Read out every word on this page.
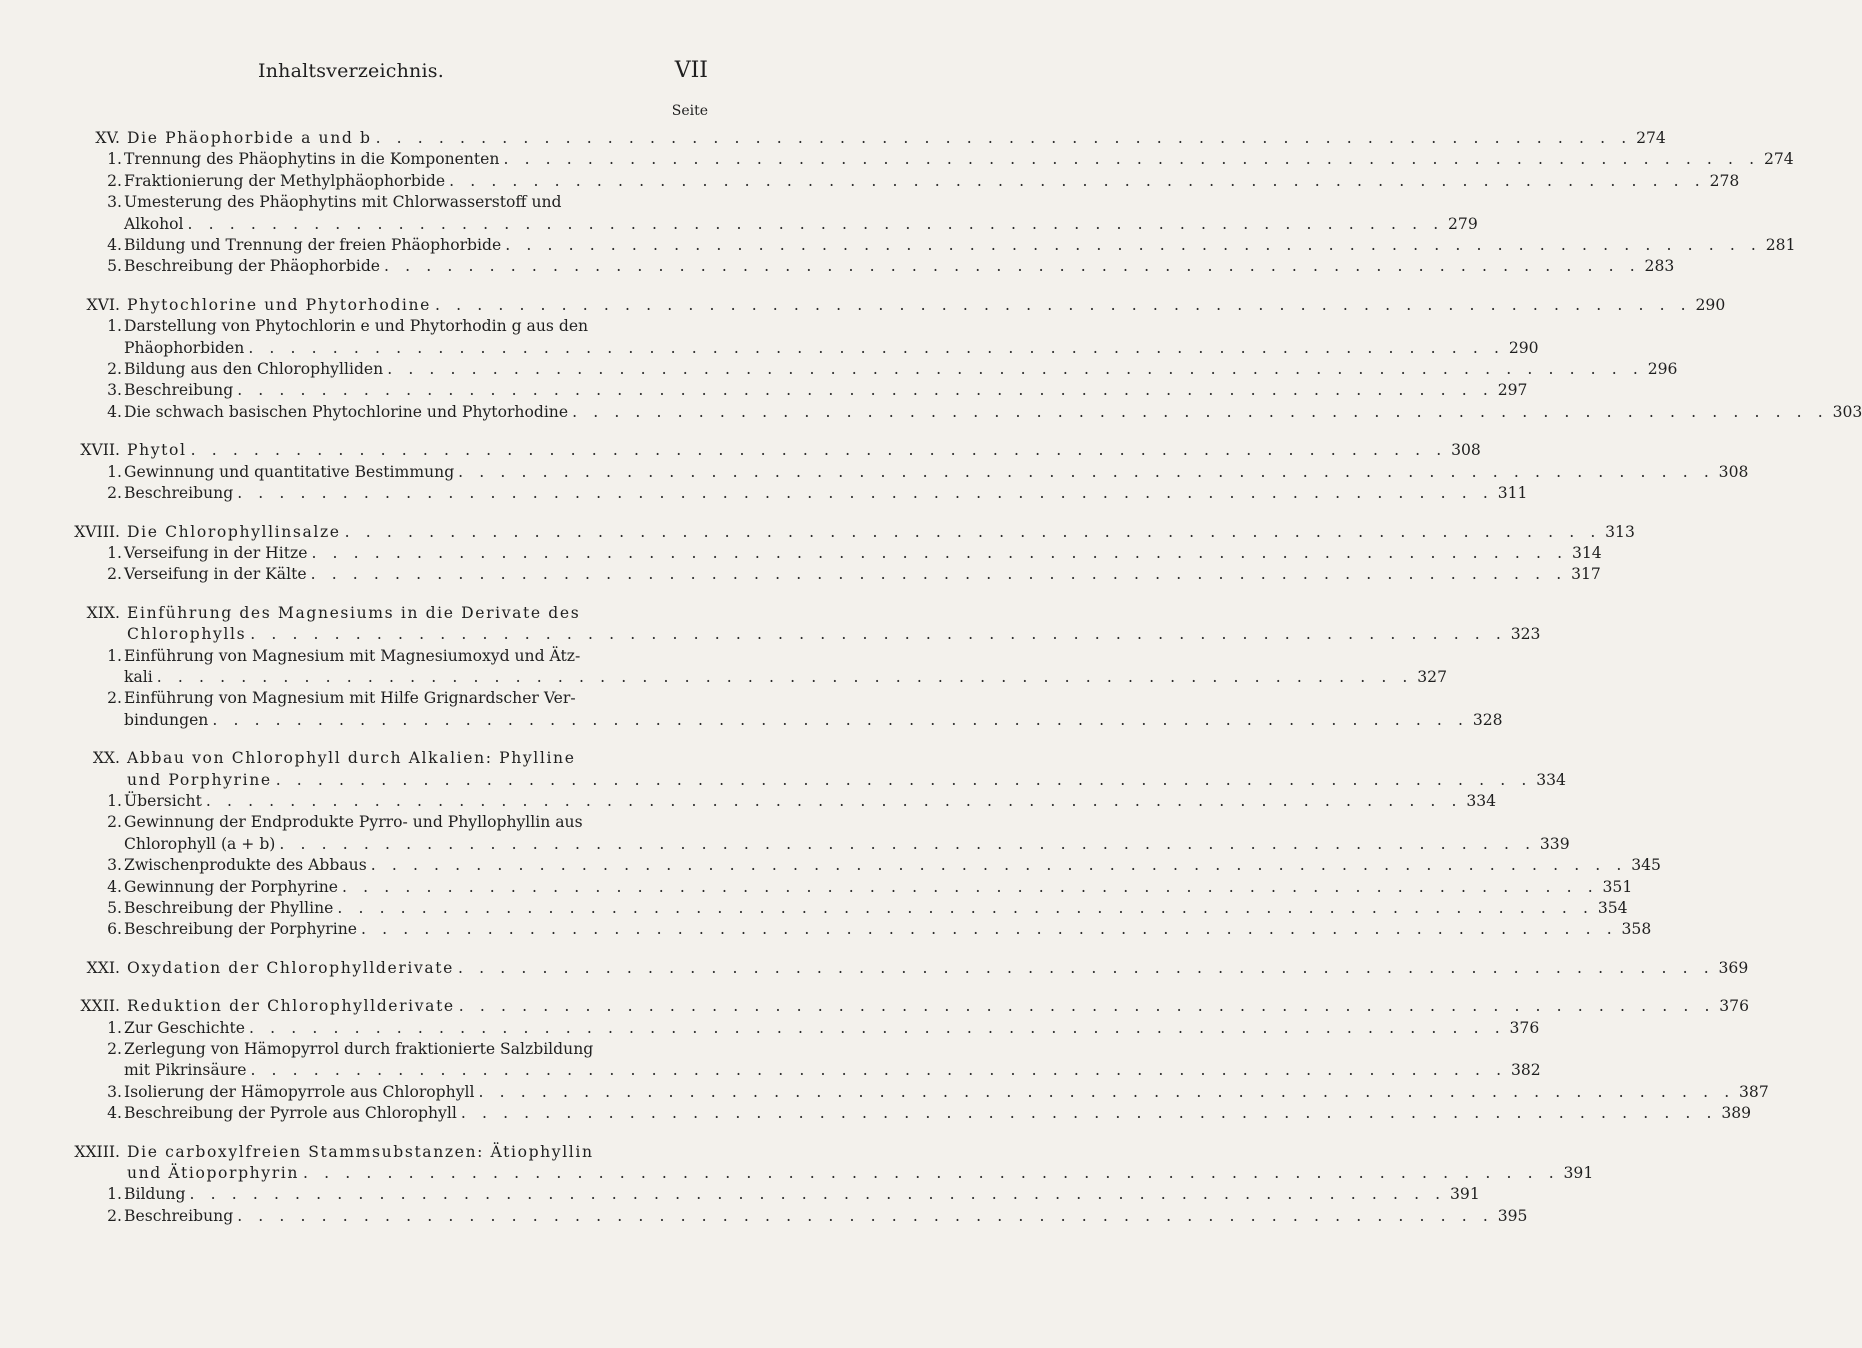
Inhaltsverzeichnis.	VII
Seite
XV. Die Phäophorbide a und b . . . . . . . . . . . . . . . . . . . . . . . . . . . . . . . . . . . . . . . . . . . . . . . . . . . . . . . . . . . . 274
1. Trennung des Phäophytins in die Komponenten . . . . . . . . . . . . . . . . . . . . . . . . . . . . . . . . . . . . . . . . . . . . . . . . . . . . . . . . . . . . 274
2. Fraktionierung der Methylphäophorbide . . . . . . . . . . . . . . . . . . . . . . . . . . . . . . . . . . . . . . . . . . . . . . . . . . . . . . . . . . . . 278
3. Umesterung des Phäophytins mit Chlorwasserstoff und
Alkohol . . . . . . . . . . . . . . . . . . . . . . . . . . . . . . . . . . . . . . . . . . . . . . . . . . . . . . . . . . . . 279
4. Bildung und Trennung der freien Phäophorbide . . . . . . . . . . . . . . . . . . . . . . . . . . . . . . . . . . . . . . . . . . . . . . . . . . . . . . . . . . . . 281
5. Beschreibung der Phäophorbide . . . . . . . . . . . . . . . . . . . . . . . . . . . . . . . . . . . . . . . . . . . . . . . . . . . . . . . . . . . . 283
XVI. Phytochlorine und Phytorhodine . . . . . . . . . . . . . . . . . . . . . . . . . . . . . . . . . . . . . . . . . . . . . . . . . . . . . . . . . . . . 290
1. Darstellung von Phytochlorin e und Phytorhodin g aus den
Phäophorbiden . . . . . . . . . . . . . . . . . . . . . . . . . . . . . . . . . . . . . . . . . . . . . . . . . . . . . . . . . . . . 290
2. Bildung aus den Chlorophylliden . . . . . . . . . . . . . . . . . . . . . . . . . . . . . . . . . . . . . . . . . . . . . . . . . . . . . . . . . . . . 296
3. Beschreibung . . . . . . . . . . . . . . . . . . . . . . . . . . . . . . . . . . . . . . . . . . . . . . . . . . . . . . . . . . . . 297
4. Die schwach basischen Phytochlorine und Phytorhodine . . . . . . . . . . . . . . . . . . . . . . . . . . . . . . . . . . . . . . . . . . . . . . . . . . . . . . . . . . . . 303
XVII. Phytol . . . . . . . . . . . . . . . . . . . . . . . . . . . . . . . . . . . . . . . . . . . . . . . . . . . . . . . . . . . . 308
1. Gewinnung und quantitative Bestimmung . . . . . . . . . . . . . . . . . . . . . . . . . . . . . . . . . . . . . . . . . . . . . . . . . . . . . . . . . . . . 308
2. Beschreibung . . . . . . . . . . . . . . . . . . . . . . . . . . . . . . . . . . . . . . . . . . . . . . . . . . . . . . . . . . . . 311
XVIII. Die Chlorophyllinsalze . . . . . . . . . . . . . . . . . . . . . . . . . . . . . . . . . . . . . . . . . . . . . . . . . . . . . . . . . . . . 313
1. Verseifung in der Hitze . . . . . . . . . . . . . . . . . . . . . . . . . . . . . . . . . . . . . . . . . . . . . . . . . . . . . . . . . . . . 314
2. Verseifung in der Kälte . . . . . . . . . . . . . . . . . . . . . . . . . . . . . . . . . . . . . . . . . . . . . . . . . . . . . . . . . . . . 317
XIX. Einführung des Magnesiums in die Derivate des
Chlorophylls . . . . . . . . . . . . . . . . . . . . . . . . . . . . . . . . . . . . . . . . . . . . . . . . . . . . . . . . . . . . 323
1. Einführung von Magnesium mit Magnesiumoxyd und Ätz-
kali . . . . . . . . . . . . . . . . . . . . . . . . . . . . . . . . . . . . . . . . . . . . . . . . . . . . . . . . . . . . 327
2. Einführung von Magnesium mit Hilfe Grignardscher Ver-
bindungen . . . . . . . . . . . . . . . . . . . . . . . . . . . . . . . . . . . . . . . . . . . . . . . . . . . . . . . . . . . . 328
XX. Abbau von Chlorophyll durch Alkalien: Phylline
und Porphyrine . . . . . . . . . . . . . . . . . . . . . . . . . . . . . . . . . . . . . . . . . . . . . . . . . . . . . . . . . . . . 334
1. Übersicht . . . . . . . . . . . . . . . . . . . . . . . . . . . . . . . . . . . . . . . . . . . . . . . . . . . . . . . . . . . . 334
2. Gewinnung der Endprodukte Pyrro- und Phyllophyllin aus
Chlorophyll (a + b) . . . . . . . . . . . . . . . . . . . . . . . . . . . . . . . . . . . . . . . . . . . . . . . . . . . . . . . . . . . . 339
3. Zwischenprodukte des Abbaus . . . . . . . . . . . . . . . . . . . . . . . . . . . . . . . . . . . . . . . . . . . . . . . . . . . . . . . . . . . . 345
4. Gewinnung der Porphyrine . . . . . . . . . . . . . . . . . . . . . . . . . . . . . . . . . . . . . . . . . . . . . . . . . . . . . . . . . . . . 351
5. Beschreibung der Phylline . . . . . . . . . . . . . . . . . . . . . . . . . . . . . . . . . . . . . . . . . . . . . . . . . . . . . . . . . . . . 354
6. Beschreibung der Porphyrine . . . . . . . . . . . . . . . . . . . . . . . . . . . . . . . . . . . . . . . . . . . . . . . . . . . . . . . . . . . . 358
XXI. Oxydation der Chlorophyllderivate . . . . . . . . . . . . . . . . . . . . . . . . . . . . . . . . . . . . . . . . . . . . . . . . . . . . . . . . . . . . 369
XXII. Reduktion der Chlorophyllderivate . . . . . . . . . . . . . . . . . . . . . . . . . . . . . . . . . . . . . . . . . . . . . . . . . . . . . . . . . . . . 376
1. Zur Geschichte . . . . . . . . . . . . . . . . . . . . . . . . . . . . . . . . . . . . . . . . . . . . . . . . . . . . . . . . . . . . 376
2. Zerlegung von Hämopyrrol durch fraktionierte Salzbildung
mit Pikrinsäure . . . . . . . . . . . . . . . . . . . . . . . . . . . . . . . . . . . . . . . . . . . . . . . . . . . . . . . . . . . . 382
3. Isolierung der Hämopyrrole aus Chlorophyll . . . . . . . . . . . . . . . . . . . . . . . . . . . . . . . . . . . . . . . . . . . . . . . . . . . . . . . . . . . . 387
4. Beschreibung der Pyrrole aus Chlorophyll . . . . . . . . . . . . . . . . . . . . . . . . . . . . . . . . . . . . . . . . . . . . . . . . . . . . . . . . . . . . 389
XXIII. Die carboxylfreien Stammsubstanzen: Ätiophyllin
und Ätioporphyrin . . . . . . . . . . . . . . . . . . . . . . . . . . . . . . . . . . . . . . . . . . . . . . . . . . . . . . . . . . . . 391
1. Bildung . . . . . . . . . . . . . . . . . . . . . . . . . . . . . . . . . . . . . . . . . . . . . . . . . . . . . . . . . . . . 391
2. Beschreibung . . . . . . . . . . . . . . . . . . . . . . . . . . . . . . . . . . . . . . . . . . . . . . . . . . . . . . . . . . . . 395
